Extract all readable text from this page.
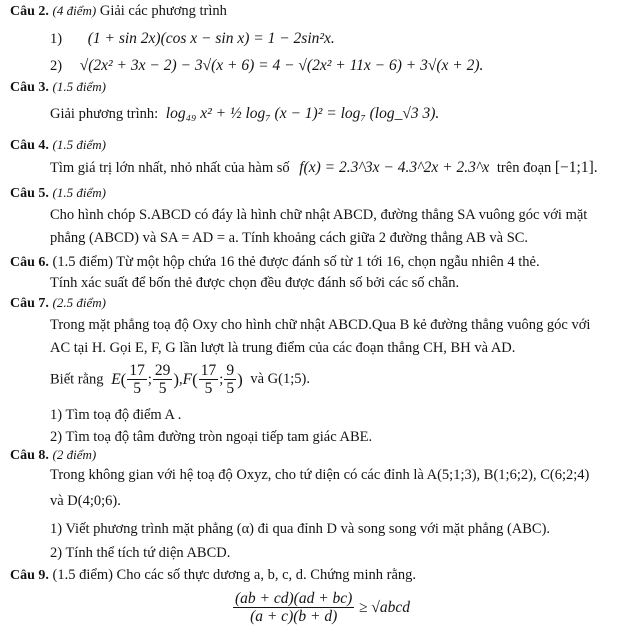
Câu 2. (4 điểm) Giải các phương trình
1) (1 + sin 2x)(cos x − sin x) = 1 − 2sin²x.
2) √(2x² + 3x − 2) − 3√(x + 6) = 4 − √(2x² + 11x − 6) + 3√(x + 2).
Câu 3. (1.5 điểm)
Giải phương trình: log₄₉ x² + ½ log₇ (x − 1)² = log₇ (log_√3 3).
Câu 4. (1.5 điểm)
Tìm giá trị lớn nhất, nhỏ nhất của hàm số f(x) = 2.3^3x − 4.3^2x + 2.3^x trên đoạn [−1;1].
Câu 5. (1.5 điểm)
Cho hình chóp S.ABCD có đáy là hình chữ nhật ABCD, đường thẳng SA vuông góc với mặt
phẳng (ABCD) và SA = AD = a. Tính khoảng cách giữa 2 đường thẳng AB và SC.
Câu 6. (1.5 điểm) Từ một hộp chứa 16 thẻ được đánh số từ 1 tới 16, chọn ngẫu nhiên 4 thẻ.
Tính xác suất để bốn thẻ được chọn đều được đánh số bởi các số chẵn.
Câu 7. (2.5 điểm)
Trong mặt phẳng toạ độ Oxy cho hình chữ nhật ABCD.Qua B kẻ đường thẳng vuông góc với
AC tại H. Gọi E, F, G lần lượt là trung điểm của các đoạn thẳng CH, BH và AD.
Biết rằng $E( \frac{17}{5}$ ; $\frac{29}{5} ),F( \frac{17}{5}$ ; $\frac{9}{5}$ ) và G(1;5).
1) Tìm toạ độ điểm A .
2) Tìm toạ độ tâm đường tròn ngoại tiếp tam giác ABE.
Câu 8. (2 điểm)
Trong không gian với hệ toạ độ Oxyz, cho tứ diện có các đỉnh là A(5;1;3), B(1;6;2), C(6;2;4)
và D(4;0;6).
1) Viết phương trình mặt phẳng (α) đi qua đỉnh D và song song với mặt phẳng (ABC).
2) Tính thể tích tứ diện ABCD.
Câu 9. (1.5 điểm) Cho các số thực dương a, b, c, d. Chứng minh rằng.
$\frac{(ab + cd)(ad + bc)}{(a + c)(b + d)}$ ≥ √abcd
